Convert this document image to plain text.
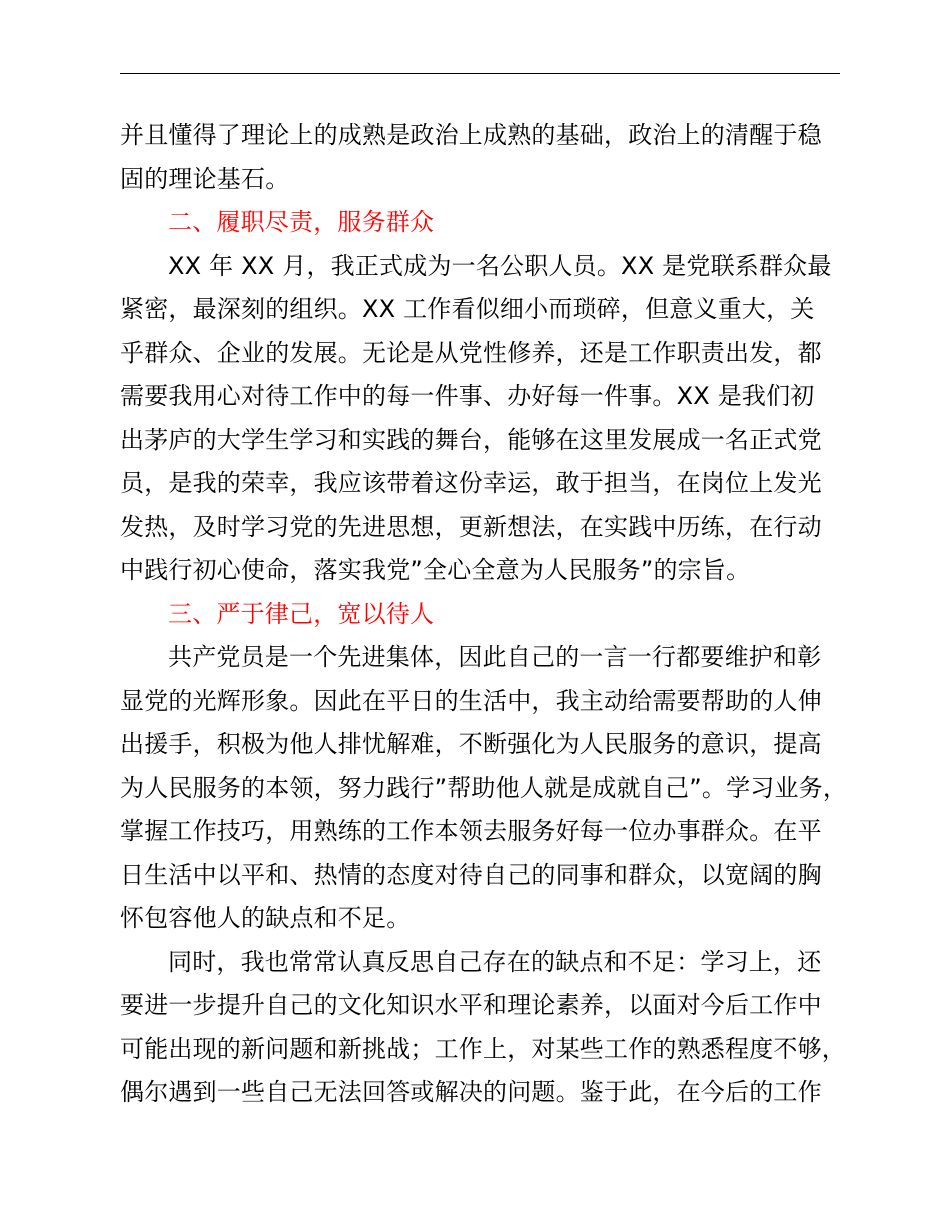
并且懂得了理论上的成熟是政治上成熟的基础，政治上的清醒于稳
固的理论基石。
二、履职尽责，服务群众
XX 年 XX 月，我正式成为一名公职人员。XX 是党联系群众最
紧密，最深刻的组织。XX 工作看似细小而琐碎，但意义重大，关
乎群众、企业的发展。无论是从党性修养，还是工作职责出发，都
需要我用心对待工作中的每一件事、办好每一件事。XX 是我们初
出茅庐的大学生学习和实践的舞台，能够在这里发展成一名正式党
员，是我的荣幸，我应该带着这份幸运，敢于担当，在岗位上发光
发热，及时学习党的先进思想，更新想法，在实践中历练，在行动
中践行初心使命，落实我党”全心全意为人民服务”的宗旨。
三、严于律己，宽以待人
共产党员是一个先进集体，因此自己的一言一行都要维护和彰
显党的光辉形象。因此在平日的生活中，我主动给需要帮助的人伸
出援手，积极为他人排忧解难，不断强化为人民服务的意识，提高
为人民服务的本领，努力践行”帮助他人就是成就自己”。学习业务，
掌握工作技巧，用熟练的工作本领去服务好每一位办事群众。在平
日生活中以平和、热情的态度对待自己的同事和群众，以宽阔的胸
怀包容他人的缺点和不足。
同时，我也常常认真反思自己存在的缺点和不足：学习上，还
要进一步提升自己的文化知识水平和理论素养，以面对今后工作中
可能出现的新问题和新挑战；工作上，对某些工作的熟悉程度不够，
偶尔遇到一些自己无法回答或解决的问题。鉴于此，在今后的工作
